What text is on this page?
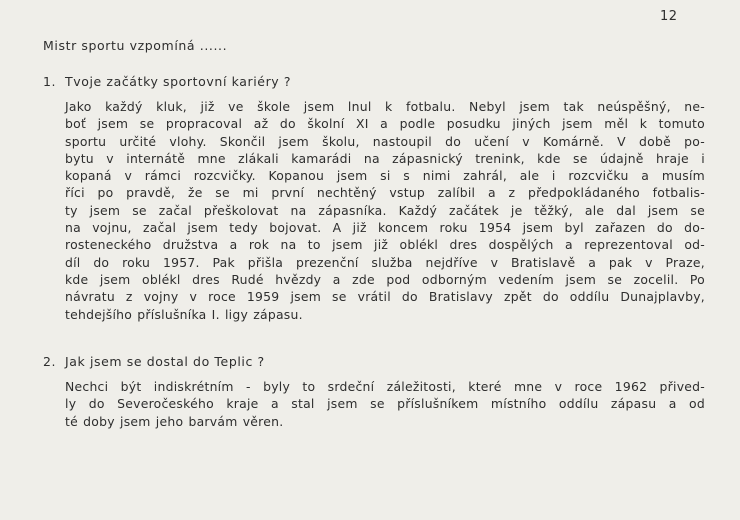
12
Mistr sportu vzpomíná ......
1. Tvoje začátky sportovní kariéry ?
Jako každý kluk, již ve škole jsem lnul k fotbalu. Nebyl jsem tak neúspěšný, ne-
boť jsem se propracoval až do školní XI a podle posudku jiných jsem měl k tomuto
sportu určité vlohy. Skončil jsem školu, nastoupil do učení v Komárně. V době po-
bytu v internátě mne zlákali kamarádi na zápasnický trenink, kde se údajně hraje i
kopaná v rámci rozcvičky. Kopanou jsem si s nimi zahrál, ale i rozcvičku a musím
říci po pravdě, že se mi první nechtěný vstup zalíbil a z předpokládaného fotbalis-
ty jsem se začal přeškolovat na zápasníka. Každý začátek je těžký, ale dal jsem se
na vojnu, začal jsem tedy bojovat. A již koncem roku 1954 jsem byl zařazen do do-
rosteneckého družstva a rok na to jsem již oblékl dres dospělých a reprezentoval od-
díl do roku 1957. Pak přišla prezenční služba nejdříve v Bratislavě a pak v Praze,
kde jsem oblékl dres Rudé hvězdy a zde pod odborným vedením jsem se zocelil. Po
návratu z vojny v roce 1959 jsem se vrátil do Bratislavy zpět do oddílu Dunajplavby,
tehdejšího příslušníka I. ligy zápasu.
2. Jak jsem se dostal do Teplic ?
Nechci být indiskrétním - byly to srdeční záležitosti, které mne v roce 1962 přived-
ly do Severočeského kraje a stal jsem se příslušníkem místního oddílu zápasu a od
té doby jsem jeho barvám věren.
